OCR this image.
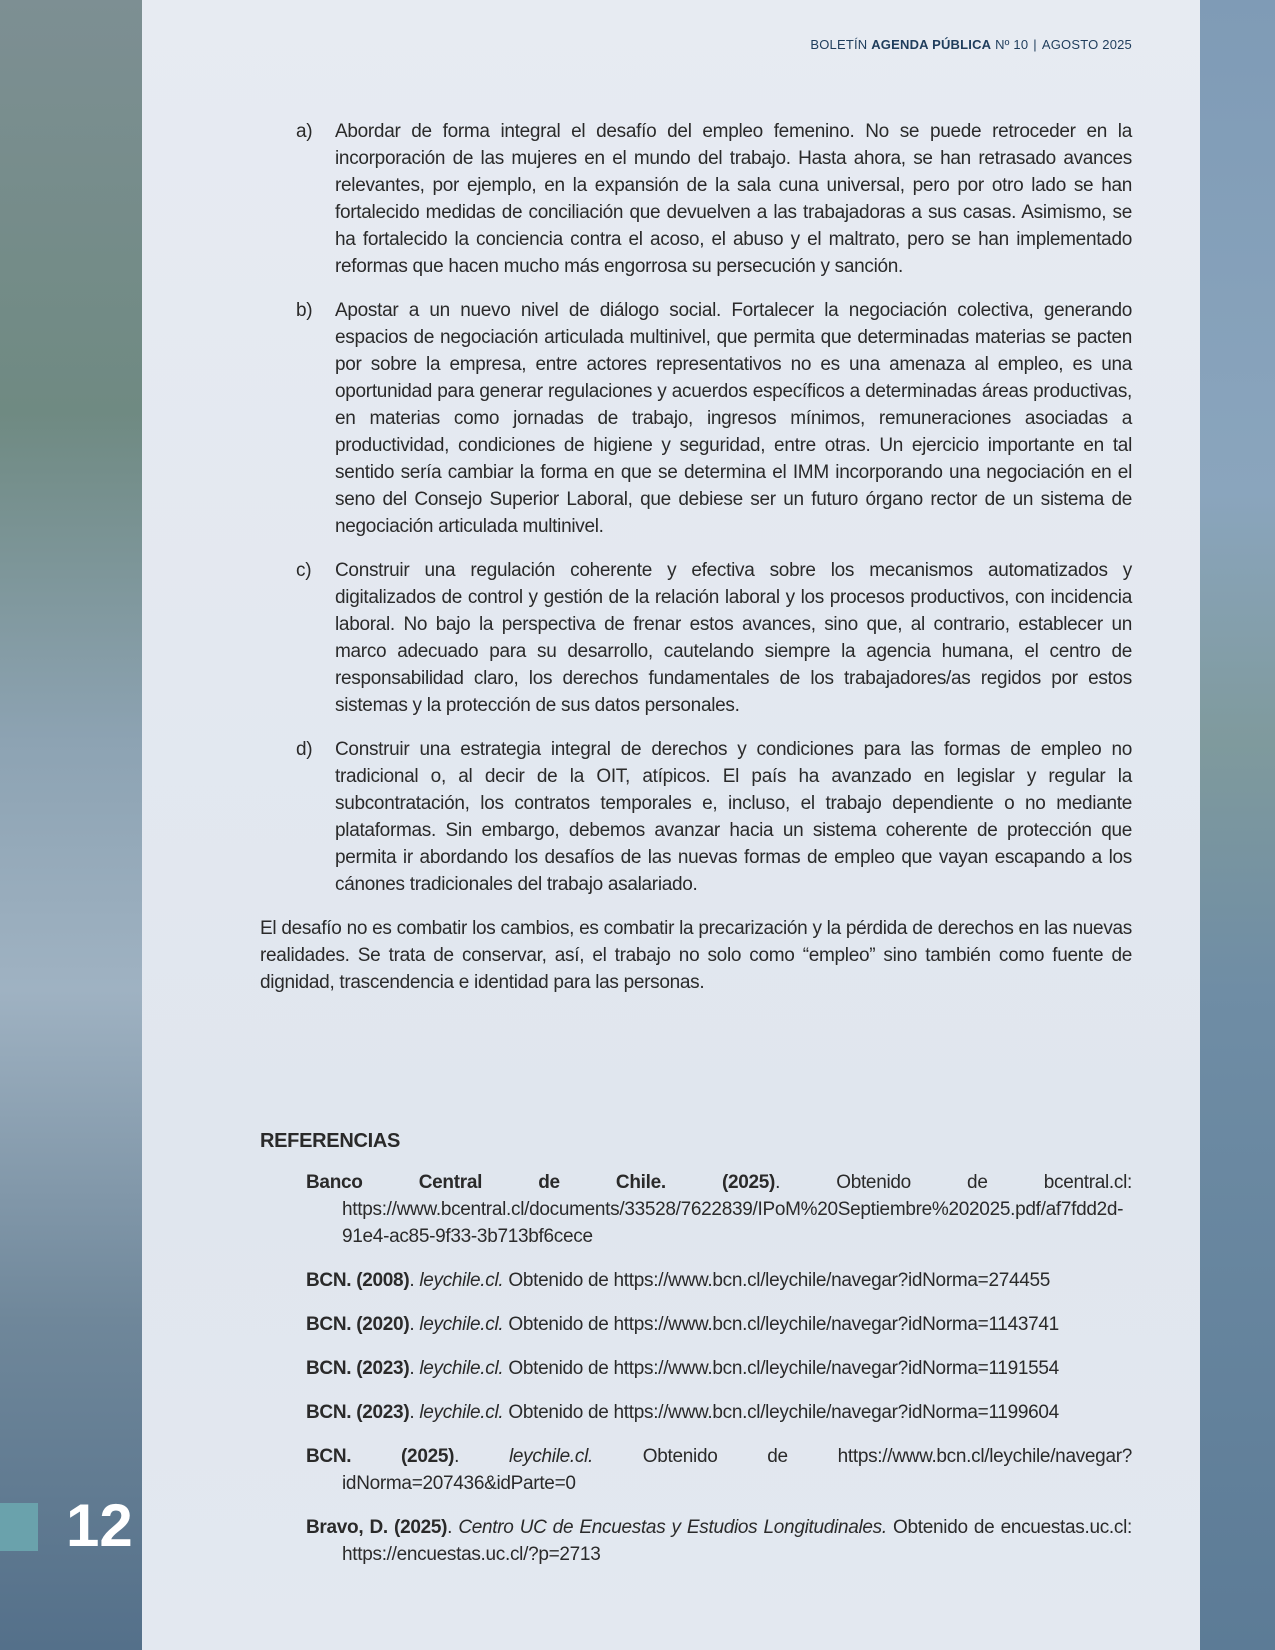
BOLETÍN AGENDA PÚBLICA Nº 10 | AGOSTO 2025
a) Abordar de forma integral el desafío del empleo femenino. No se puede retroceder en la incorporación de las mujeres en el mundo del trabajo. Hasta ahora, se han retrasado avances relevantes, por ejemplo, en la expansión de la sala cuna universal, pero por otro lado se han fortalecido medidas de conciliación que devuelven a las trabajadoras a sus casas. Asimismo, se ha fortalecido la conciencia contra el acoso, el abuso y el maltrato, pero se han implementado reformas que hacen mucho más engorrosa su persecución y sanción.
b) Apostar a un nuevo nivel de diálogo social. Fortalecer la negociación colectiva, generando espacios de negociación articulada multinivel, que permita que determinadas materias se pacten por sobre la empresa, entre actores representativos no es una amenaza al empleo, es una oportunidad para generar regulaciones y acuerdos específicos a determinadas áreas productivas, en materias como jornadas de trabajo, ingresos mínimos, remuneraciones asociadas a productividad, condiciones de higiene y seguridad, entre otras. Un ejercicio importante en tal sentido sería cambiar la forma en que se determina el IMM incorporando una negociación en el seno del Consejo Superior Laboral, que debiese ser un futuro órgano rector de un sistema de negociación articulada multinivel.
c) Construir una regulación coherente y efectiva sobre los mecanismos automatizados y digitalizados de control y gestión de la relación laboral y los procesos productivos, con incidencia laboral. No bajo la perspectiva de frenar estos avances, sino que, al contrario, establecer un marco adecuado para su desarrollo, cautelando siempre la agencia humana, el centro de responsabilidad claro, los derechos fundamentales de los trabajadores/as regidos por estos sistemas y la protección de sus datos personales.
d) Construir una estrategia integral de derechos y condiciones para las formas de empleo no tradicional o, al decir de la OIT, atípicos. El país ha avanzado en legislar y regular la subcontratación, los contratos temporales e, incluso, el trabajo dependiente o no mediante plataformas. Sin embargo, debemos avanzar hacia un sistema coherente de protección que permita ir abordando los desafíos de las nuevas formas de empleo que vayan escapando a los cánones tradicionales del trabajo asalariado.
El desafío no es combatir los cambios, es combatir la precarización y la pérdida de derechos en las nuevas realidades. Se trata de conservar, así, el trabajo no solo como “empleo” sino también como fuente de dignidad, trascendencia e identidad para las personas.
REFERENCIAS
Banco Central de Chile. (2025). Obtenido de bcentral.cl: https://www.bcentral.cl/documents/33528/7622839/IPoM%20Septiembre%202025.pdf/af7fdd2d-91e4-ac85-9f33-3b713bf6cece
BCN. (2008). leychile.cl. Obtenido de https://www.bcn.cl/leychile/navegar?idNorma=274455
BCN. (2020). leychile.cl. Obtenido de https://www.bcn.cl/leychile/navegar?idNorma=1143741
BCN. (2023). leychile.cl. Obtenido de https://www.bcn.cl/leychile/navegar?idNorma=1191554
BCN. (2023). leychile.cl. Obtenido de https://www.bcn.cl/leychile/navegar?idNorma=1199604
BCN. (2025). leychile.cl. Obtenido de https://www.bcn.cl/leychile/navegar?idNorma=207436&idParte=0
Bravo, D. (2025). Centro UC de Encuestas y Estudios Longitudinales. Obtenido de encuestas.uc.cl: https://encuestas.uc.cl/?p=2713
12
